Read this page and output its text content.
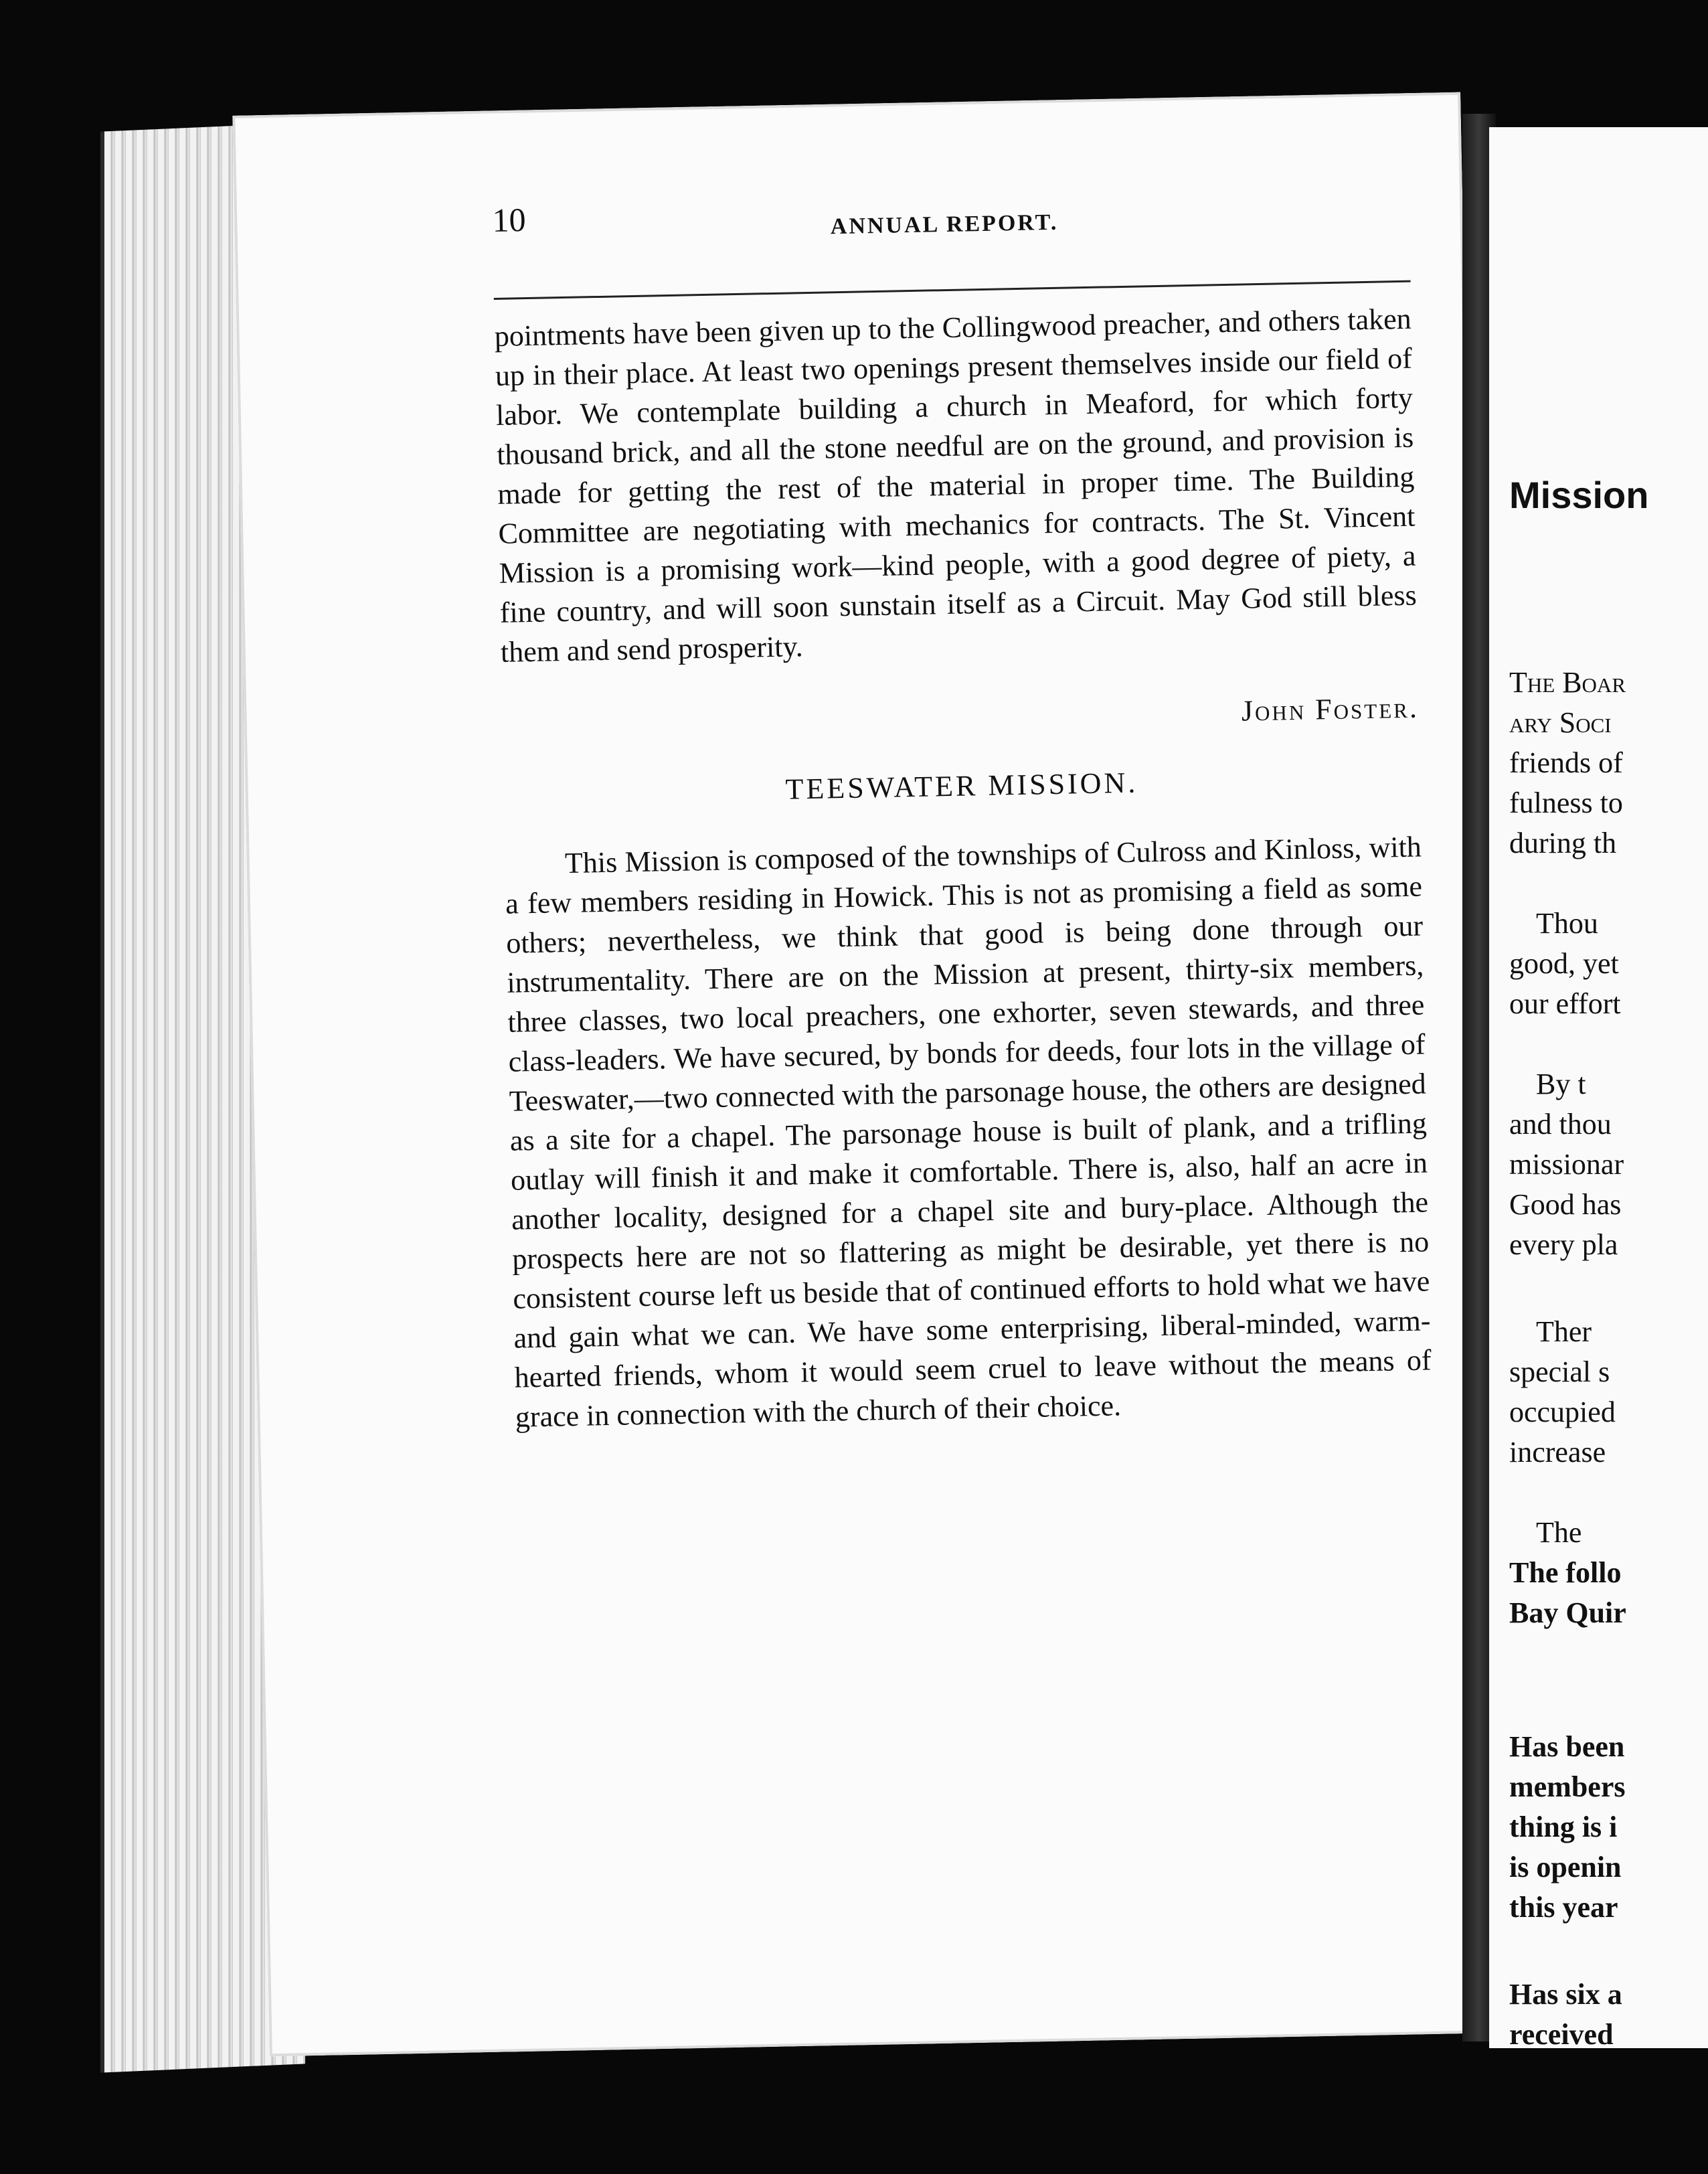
Mission
The Boar
ary Soci
friends of
fulness to
during th
Thou
good, yet
our effort
By t
and thou
missionar
Good has
every pla
Ther
special s
occupied
increase
The
The follo
Bay Quir
Has been
members
thing is i
is openin
this year
Has six a
received
10	ANNUAL REPORT.

pointments have been given up to the Collingwood preacher, and others taken up in their place. At least two openings present themselves inside our field of labor. We contemplate building a church in Meaford, for which forty thousand brick, and all the stone needful are on the ground, and provision is made for getting the rest of the material in proper time. The Building Committee are negotiating with mechanics for contracts. The St. Vincent Mission is a promising work—kind people, with a good degree of piety, a fine country, and will soon sunstain itself as a Circuit. May God still bless them and send prosperity.

John Foster.

TEESWATER MISSION.

This Mission is composed of the townships of Culross and Kinloss, with a few members residing in Howick. This is not as promising a field as some others; nevertheless, we think that good is being done through our instrumentality. There are on the Mission at present, thirty-six members, three classes, two local preachers, one exhorter, seven stewards, and three class-leaders. We have secured, by bonds for deeds, four lots in the village of Teeswater,—two connected with the parsonage house, the others are designed as a site for a chapel. The parsonage house is built of plank, and a trifling outlay will finish it and make it comfortable. There is, also, half an acre in another locality, designed for a chapel site and bury-place. Although the prospects here are not so flattering as might be desirable, yet there is no consistent course left us beside that of continued efforts to hold what we have and gain what we can. We have some enterprising, liberal-minded, warm-hearted friends, whom it would seem cruel to leave without the means of grace in connection with the church of their choice.
